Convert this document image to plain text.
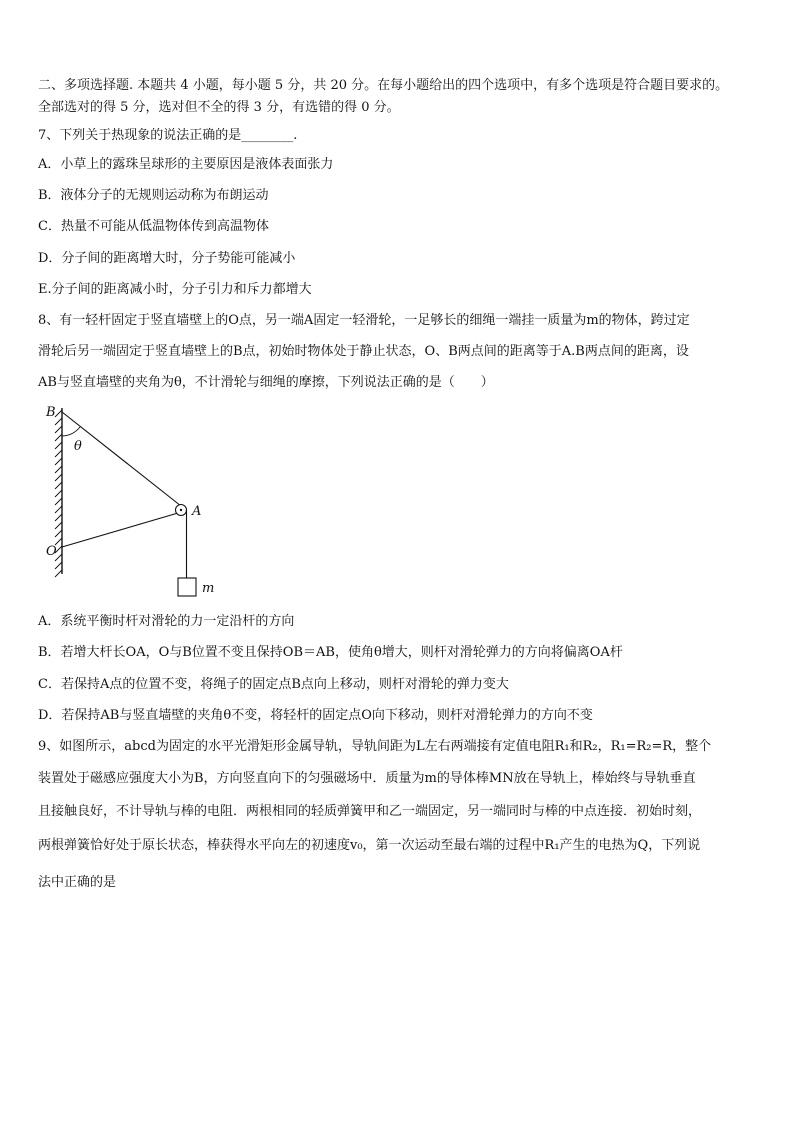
二、多项选择题. 本题共 4 小题，每小题 5 分，共 20 分。在每小题给出的四个选项中，有多个选项是符合题目要求的。
全部选对的得 5 分，选对但不全的得 3 分，有选错的得 0 分。
7、下列关于热现象的说法正确的是________.
A．小草上的露珠呈球形的主要原因是液体表面张力
B．液体分子的无规则运动称为布朗运动
C．热量不可能从低温物体传到高温物体
D．分子间的距离增大时，分子势能可能减小
E.分子间的距离减小时，分子引力和斥力都增大
8、有一轻杆固定于竖直墙壁上的O点，另一端A固定一轻滑轮，一足够长的细绳一端挂一质量为m的物体，跨过定
滑轮后另一端固定于竖直墙壁上的B点，初始时物体处于静止状态，O、B两点间的距离等于A.B两点间的距离，设
AB与竖直墙壁的夹角为θ，不计滑轮与细绳的摩擦，下列说法正确的是（　　）
B
θ
A
O
m
A．系统平衡时杆对滑轮的力一定沿杆的方向
B．若增大杆长OA，O与B位置不变且保持OB＝AB，使角θ增大，则杆对滑轮弹力的方向将偏离OA杆
C．若保持A点的位置不变，将绳子的固定点B点向上移动，则杆对滑轮的弹力变大
D．若保持AB与竖直墙壁的夹角θ不变，将轻杆的固定点O向下移动，则杆对滑轮弹力的方向不变
9、如图所示，abcd为固定的水平光滑矩形金属导轨，导轨间距为L左右两端接有定值电阻R₁和R₂，R₁=R₂=R，整个
装置处于磁感应强度大小为B，方向竖直向下的匀强磁场中．质量为m的导体棒MN放在导轨上，棒始终与导轨垂直
且接触良好，不计导轨与棒的电阻．两根相同的轻质弹簧甲和乙一端固定，另一端同时与棒的中点连接．初始时刻，
两根弹簧恰好处于原长状态，棒获得水平向左的初速度v₀，第一次运动至最右端的过程中R₁产生的电热为Q，下列说
法中正确的是
